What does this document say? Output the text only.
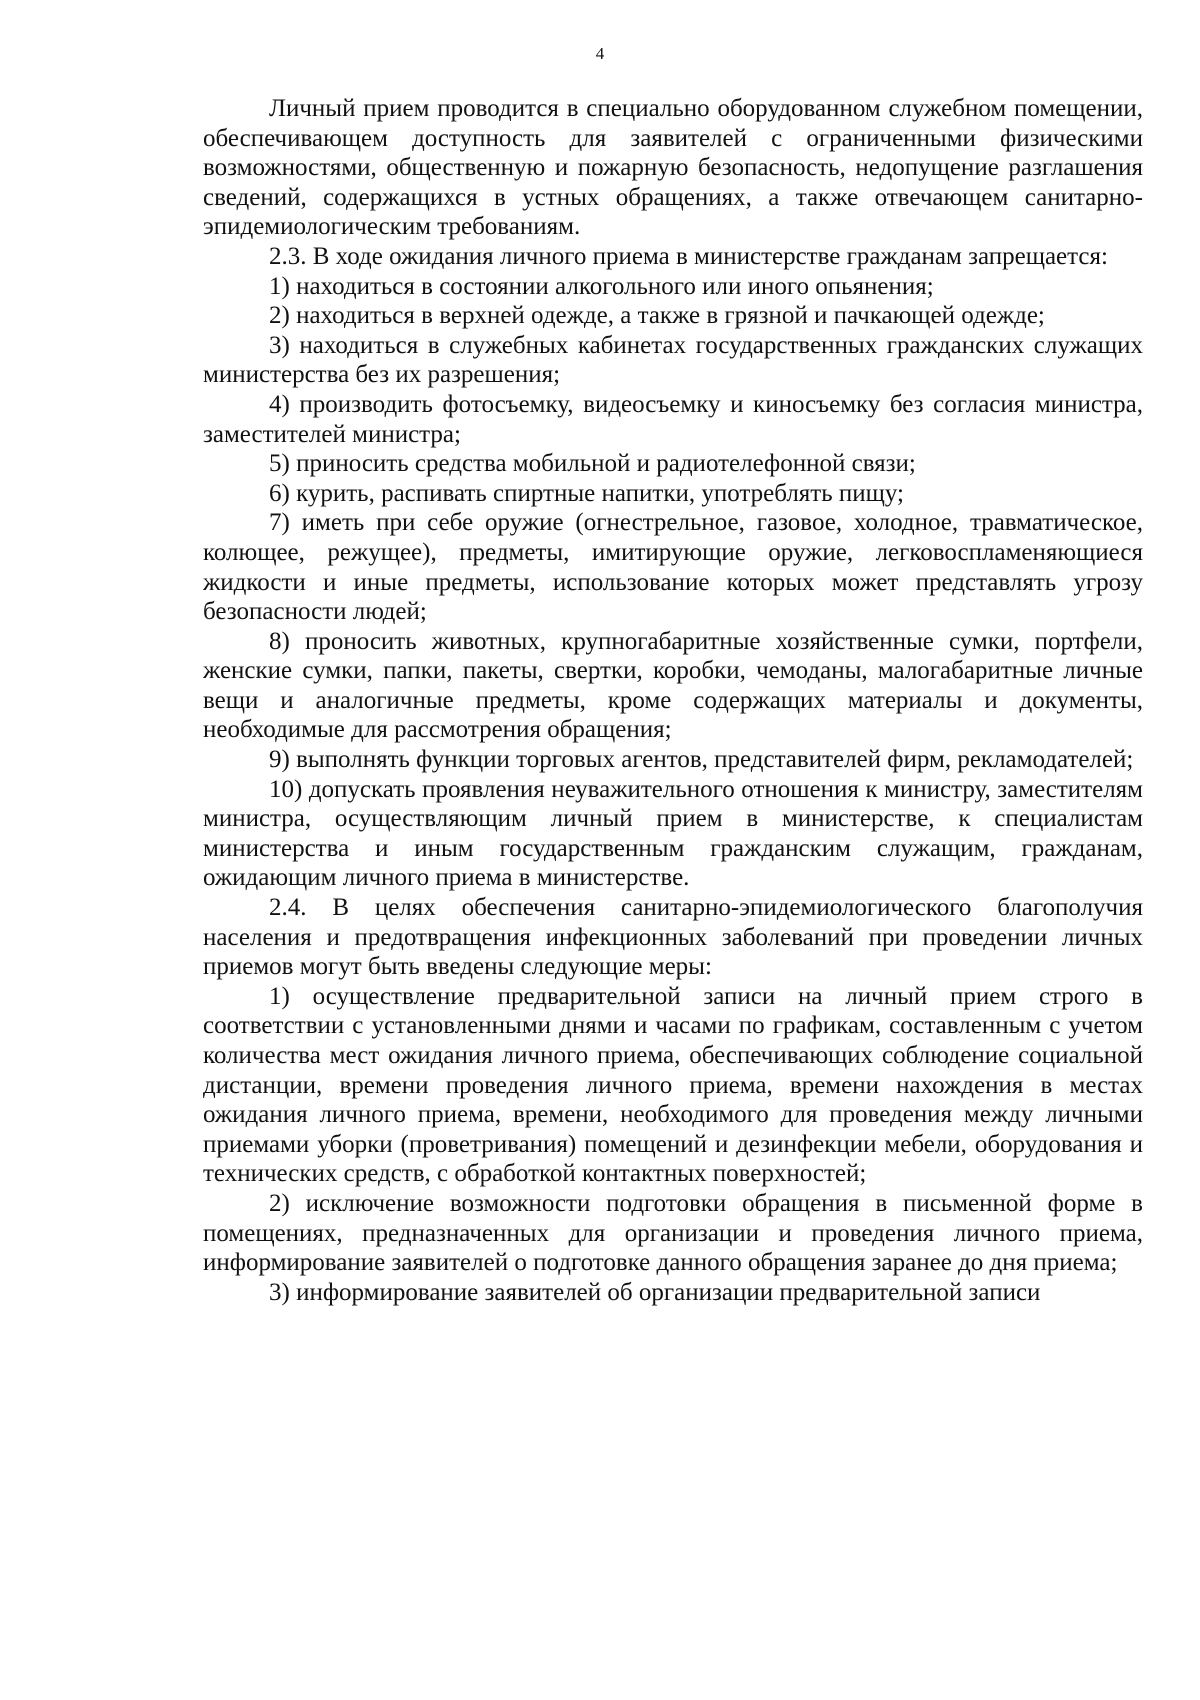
4

Личный прием проводится в специально оборудованном служебном помещении, обеспечивающем доступность для заявителей с ограниченными физическими возможностями, общественную и пожарную безопасность, недопущение разглашения сведений, содержащихся в устных обращениях, а также отвечающем санитарно-эпидемиологическим требованиям.

2.3. В ходе ожидания личного приема в министерстве гражданам запрещается:

1) находиться в состоянии алкогольного или иного опьянения;

2) находиться в верхней одежде, а также в грязной и пачкающей одежде;

3) находиться в служебных кабинетах государственных гражданских служащих министерства без их разрешения;

4) производить фотосъемку, видеосъемку и киносъемку без согласия министра, заместителей министра;

5) приносить средства мобильной и радиотелефонной связи;

6) курить, распивать спиртные напитки, употреблять пищу;

7) иметь при себе оружие (огнестрельное, газовое, холодное, травматическое, колющее, режущее), предметы, имитирующие оружие, легковоспламеняющиеся жидкости и иные предметы, использование которых может представлять угрозу безопасности людей;

8) проносить животных, крупногабаритные хозяйственные сумки, портфели, женские сумки, папки, пакеты, свертки, коробки, чемоданы, малогабаритные личные вещи и аналогичные предметы, кроме содержащих материалы и документы, необходимые для рассмотрения обращения;

9) выполнять функции торговых агентов, представителей фирм, рекламодателей;

10) допускать проявления неуважительного отношения к министру, заместителям министра, осуществляющим личный прием в министерстве, к специалистам министерства и иным государственным гражданским служащим, гражданам, ожидающим личного приема в министерстве.

2.4. В целях обеспечения санитарно-эпидемиологического благополучия населения и предотвращения инфекционных заболеваний при проведении личных приемов могут быть введены следующие меры:

1) осуществление предварительной записи на личный прием строго в соответствии с установленными днями и часами по графикам, составленным с учетом количества мест ожидания личного приема, обеспечивающих соблюдение социальной дистанции, времени проведения личного приема, времени нахождения в местах ожидания личного приема, времени, необходимого для проведения между личными приемами уборки (проветривания) помещений и дезинфекции мебели, оборудования и технических средств, с обработкой контактных поверхностей;

2) исключение возможности подготовки обращения в письменной форме в помещениях, предназначенных для организации и проведения личного приема, информирование заявителей о подготовке данного обращения заранее до дня приема;

3) информирование заявителей об организации предварительной записи
